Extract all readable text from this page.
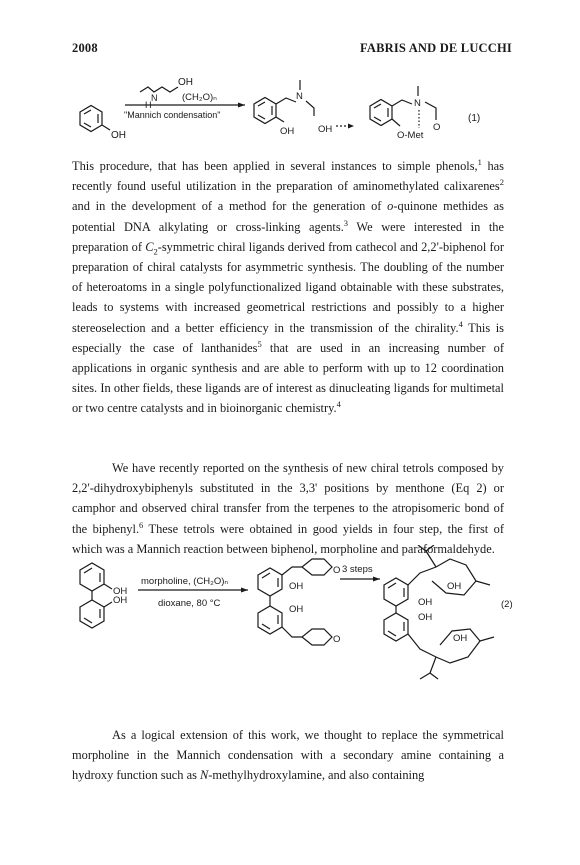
2008	FABRIS AND DE LUCCHI
OH
N
H
OH
(CH₂O)ₙ
"Mannich condensation"
N
OH	OH
N
O-Met
O
(1)

This procedure, that has been applied in several instances to simple phenols,$^1$ has recently found useful utilization in the preparation of aminomethylated calixarenes$^2$ and in the development of a method for the generation of o-quinone methides as potential DNA alkylating or cross-linking agents.$^3$ We were interested in the preparation of $C_2$-symmetric chiral ligands derived from cathecol and 2,2'-biphenol for preparation of chiral catalysts for asymmetric synthesis. The doubling of the number of heteroatoms in a single polyfunctionalized ligand obtainable with these substrates, leads to systems with increased geometrical restrictions and possibly to a higher stereoselection and a better efficiency in the transmission of the chirality.$^4$ This is especially the case of lanthanides$^5$ that are used in an increasing number of applications in organic synthesis and are able to perform with up to 12 coordination sites. In other fields, these ligands are of interest as dinucleating ligands for multimetal or two centre catalysts and in bioinorganic chemistry.$^4$

We have recently reported on the synthesis of new chiral tetrols composed by 2,2'-dihydroxybiphenyls substituted in the 3,3' positions by menthone (Eq 2) or camphor and observed chiral transfer from the terpenes to the atropisomeric bond of the biphenyl.$^6$ These tetrols were obtained in good yields in four step, the first of which was a Mannich reaction between biphenol, morpholine and paraformaldehyde.

OH
OH
morpholine, (CH₂O)ₙ
dioxane, 80 °C
O
OH
OH
O
3 steps
OH
OH
OH
OH
(2)

As a logical extension of this work, we thought to replace the symmetrical morpholine in the Mannich condensation with a secondary amine containing a hydroxy function such as N-methylhydroxylamine, and also containing
